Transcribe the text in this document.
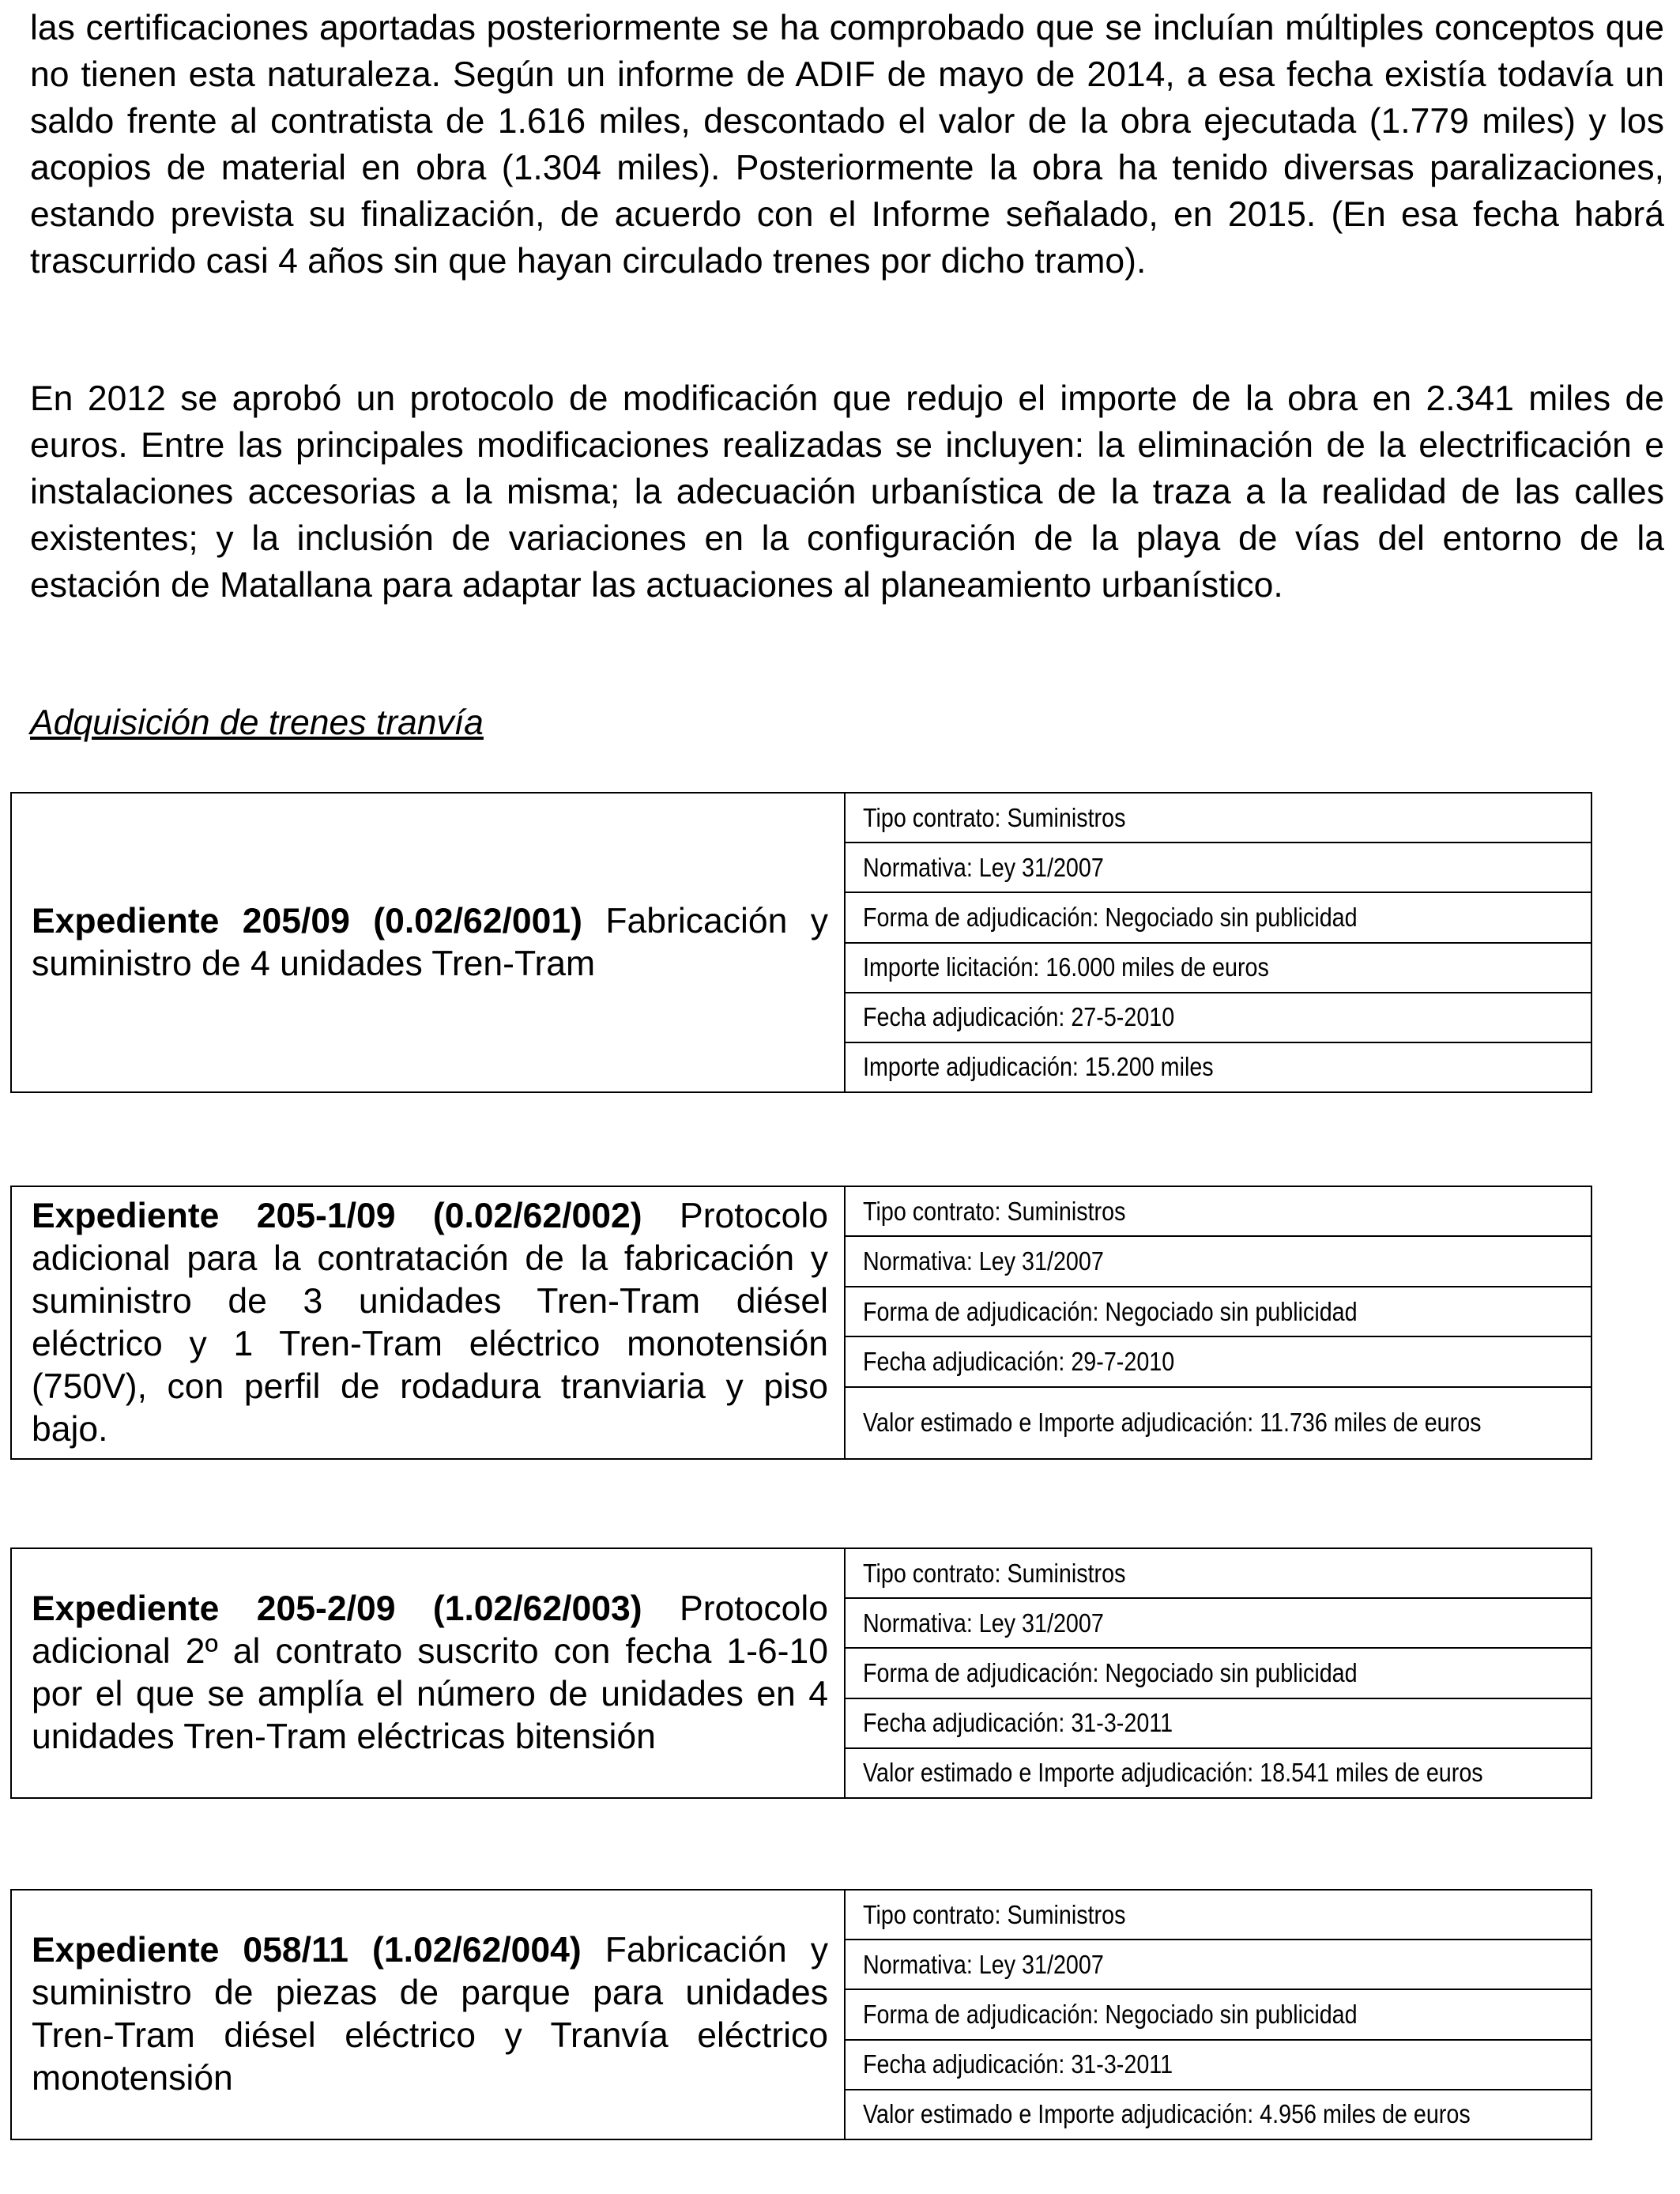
las certificaciones aportadas posteriormente se ha comprobado que se incluían múltiples conceptos que no tienen esta naturaleza. Según un informe de ADIF de mayo de 2014, a esa fecha existía todavía un saldo frente al contratista de 1.616 miles, descontado el valor de la obra ejecutada (1.779 miles) y los acopios de material en obra (1.304 miles). Posteriormente la obra ha tenido diversas paralizaciones, estando prevista su finalización, de acuerdo con el Informe señalado, en 2015. (En esa fecha habrá trascurrido casi 4 años sin que hayan circulado trenes por dicho tramo).

En 2012 se aprobó un protocolo de modificación que redujo el importe de la obra en 2.341 miles de euros. Entre las principales modificaciones realizadas se incluyen: la eliminación de la electrificación e instalaciones accesorias a la misma; la adecuación urbanística de la traza a la realidad de las calles existentes; y la inclusión de variaciones en la configuración de la playa de vías del entorno de la estación de Matallana para adaptar las actuaciones al planeamiento urbanístico.

Adquisición de trenes tranvía

Expediente 205/09 (0.02/62/001) Fabricación y suministro de 4 unidades Tren-Tram

Tipo contrato: Suministros
Normativa: Ley 31/2007
Forma de adjudicación: Negociado sin publicidad
Importe licitación: 16.000 miles de euros
Fecha adjudicación: 27-5-2010
Importe adjudicación: 15.200 miles

Expediente 205-1/09 (0.02/62/002) Protocolo adicional para la contratación de la fabricación y suministro de 3 unidades Tren-Tram diésel eléctrico y 1 Tren-Tram eléctrico monotensión (750V), con perfil de rodadura tranviaria y piso bajo.

Tipo contrato: Suministros
Normativa: Ley 31/2007
Forma de adjudicación: Negociado sin publicidad
Fecha adjudicación: 29-7-2010
Valor estimado e Importe adjudicación: 11.736 miles de euros

Expediente 205-2/09 (1.02/62/003) Protocolo adicional 2º al contrato suscrito con fecha 1-6-10 por el que se amplía el número de unidades en 4 unidades Tren-Tram eléctricas bitensión

Tipo contrato: Suministros
Normativa: Ley 31/2007
Forma de adjudicación: Negociado sin publicidad
Fecha adjudicación: 31-3-2011
Valor estimado e Importe adjudicación: 18.541 miles de euros

Expediente 058/11 (1.02/62/004) Fabricación y suministro de piezas de parque para unidades Tren-Tram diésel eléctrico y Tranvía eléctrico monotensión

Tipo contrato: Suministros
Normativa: Ley 31/2007
Forma de adjudicación: Negociado sin publicidad
Fecha adjudicación: 31-3-2011
Valor estimado e Importe adjudicación: 4.956 miles de euros
